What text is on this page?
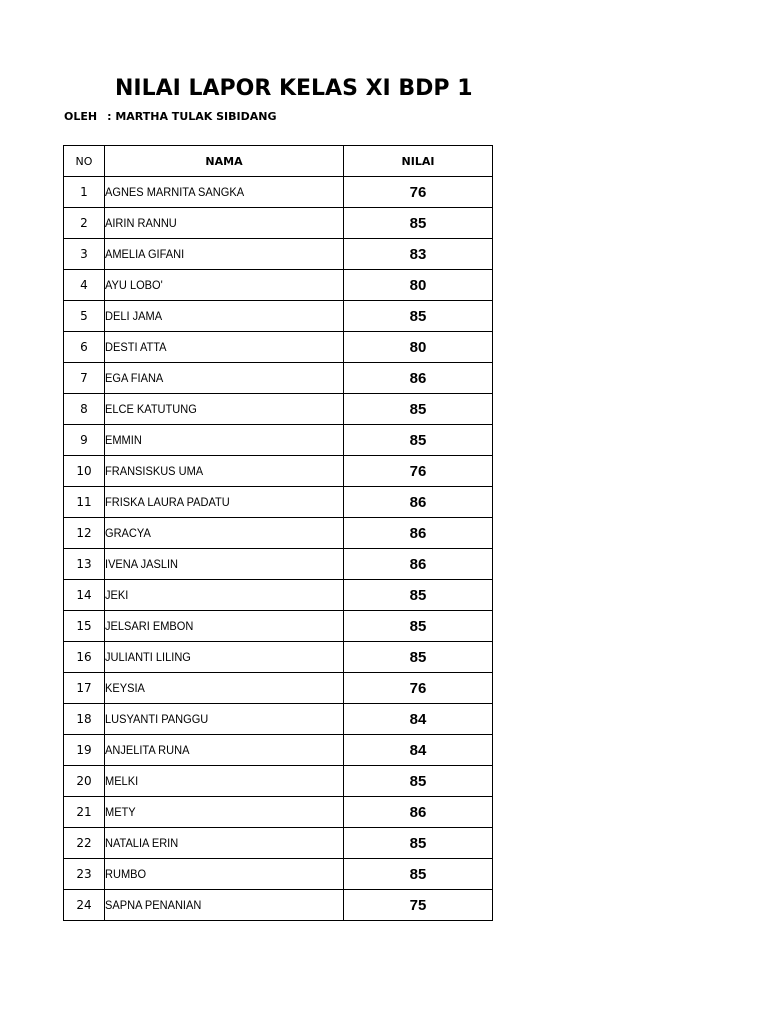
NILAI LAPOR KELAS XI BDP 1
OLEH : MARTHA TULAK SIBIDANG
NO	NAMA	NILAI
1	AGNES MARNITA SANGKA	76
2	AIRIN RANNU	85
3	AMELIA GIFANI	83
4	AYU LOBO'	80
5	DELI JAMA	85
6	DESTI ATTA	80
7	EGA FIANA	86
8	ELCE KATUTUNG	85
9	EMMIN	85
10	FRANSISKUS UMA	76
11	FRISKA LAURA PADATU	86
12	GRACYA	86
13	IVENA JASLIN	86
14	JEKI	85
15	JELSARI EMBON	85
16	JULIANTI LILING	85
17	KEYSIA	76
18	LUSYANTI PANGGU	84
19	ANJELITA RUNA	84
20	MELKI	85
21	METY	86
22	NATALIA ERIN	85
23	RUMBO	85
24	SAPNA PENANIAN	75
